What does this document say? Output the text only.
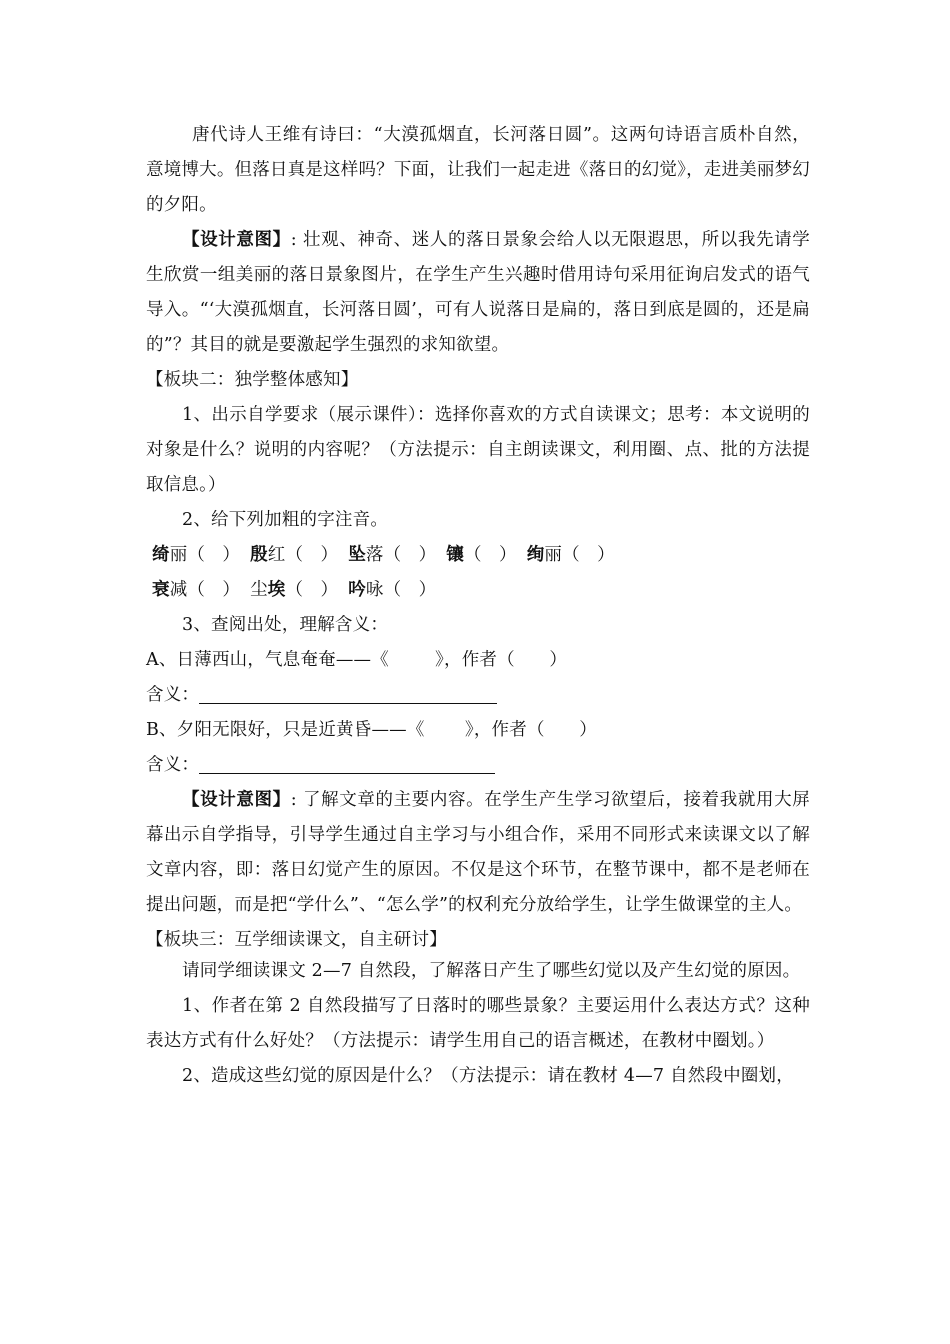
唐代诗人王维有诗曰：“大漠孤烟直，长河落日圆”。这两句诗语言质朴自然，意境博大。但落日真是这样吗？下面，让我们一起走进《落日的幻觉》，走进美丽梦幻的夕阳。

【设计意图】: 壮观、神奇、迷人的落日景象会给人以无限遐思，所以我先请学生欣赏一组美丽的落日景象图片，在学生产生兴趣时借用诗句采用征询启发式的语气导入。“‘大漠孤烟直，长河落日圆’，可有人说落日是扁的，落日到底是圆的，还是扁的”？其目的就是要激起学生强烈的求知欲望。

【板块二：独学整体感知】

1、出示自学要求（展示课件）：选择你喜欢的方式自读课文；思考：本文说明的对象是什么？说明的内容呢？（方法提示：自主朗读课文，利用圈、点、批的方法提取信息。）

2、给下列加粗的字注音。

绮丽（   ） 殷红（   ） 坠落（   ） 镶（   ） 绚丽（   ）

衰减（   ） 尘埃（   ） 吟咏（   ）

3、查阅出处，理解含义：

A、日薄西山，气息奄奄——《        》，作者（      ）

含义：

B、夕阳无限好，只是近黄昏——《       》，作者（      ）

含义：

【设计意图】: 了解文章的主要内容。在学生产生学习欲望后，接着我就用大屏幕出示自学指导，引导学生通过自主学习与小组合作，采用不同形式来读课文以了解文章内容，即：落日幻觉产生的原因。不仅是这个环节，在整节课中，都不是老师在提出问题，而是把“学什么”、“怎么学”的权利充分放给学生，让学生做课堂的主人。

【板块三：互学细读课文，自主研讨】

请同学细读课文 2—7 自然段，了解落日产生了哪些幻觉以及产生幻觉的原因。

1、作者在第 2 自然段描写了日落时的哪些景象？主要运用什么表达方式？这种表达方式有什么好处？（方法提示：请学生用自己的语言概述，在教材中圈划。）

2、造成这些幻觉的原因是什么？（方法提示：请在教材 4—7 自然段中圈划，
